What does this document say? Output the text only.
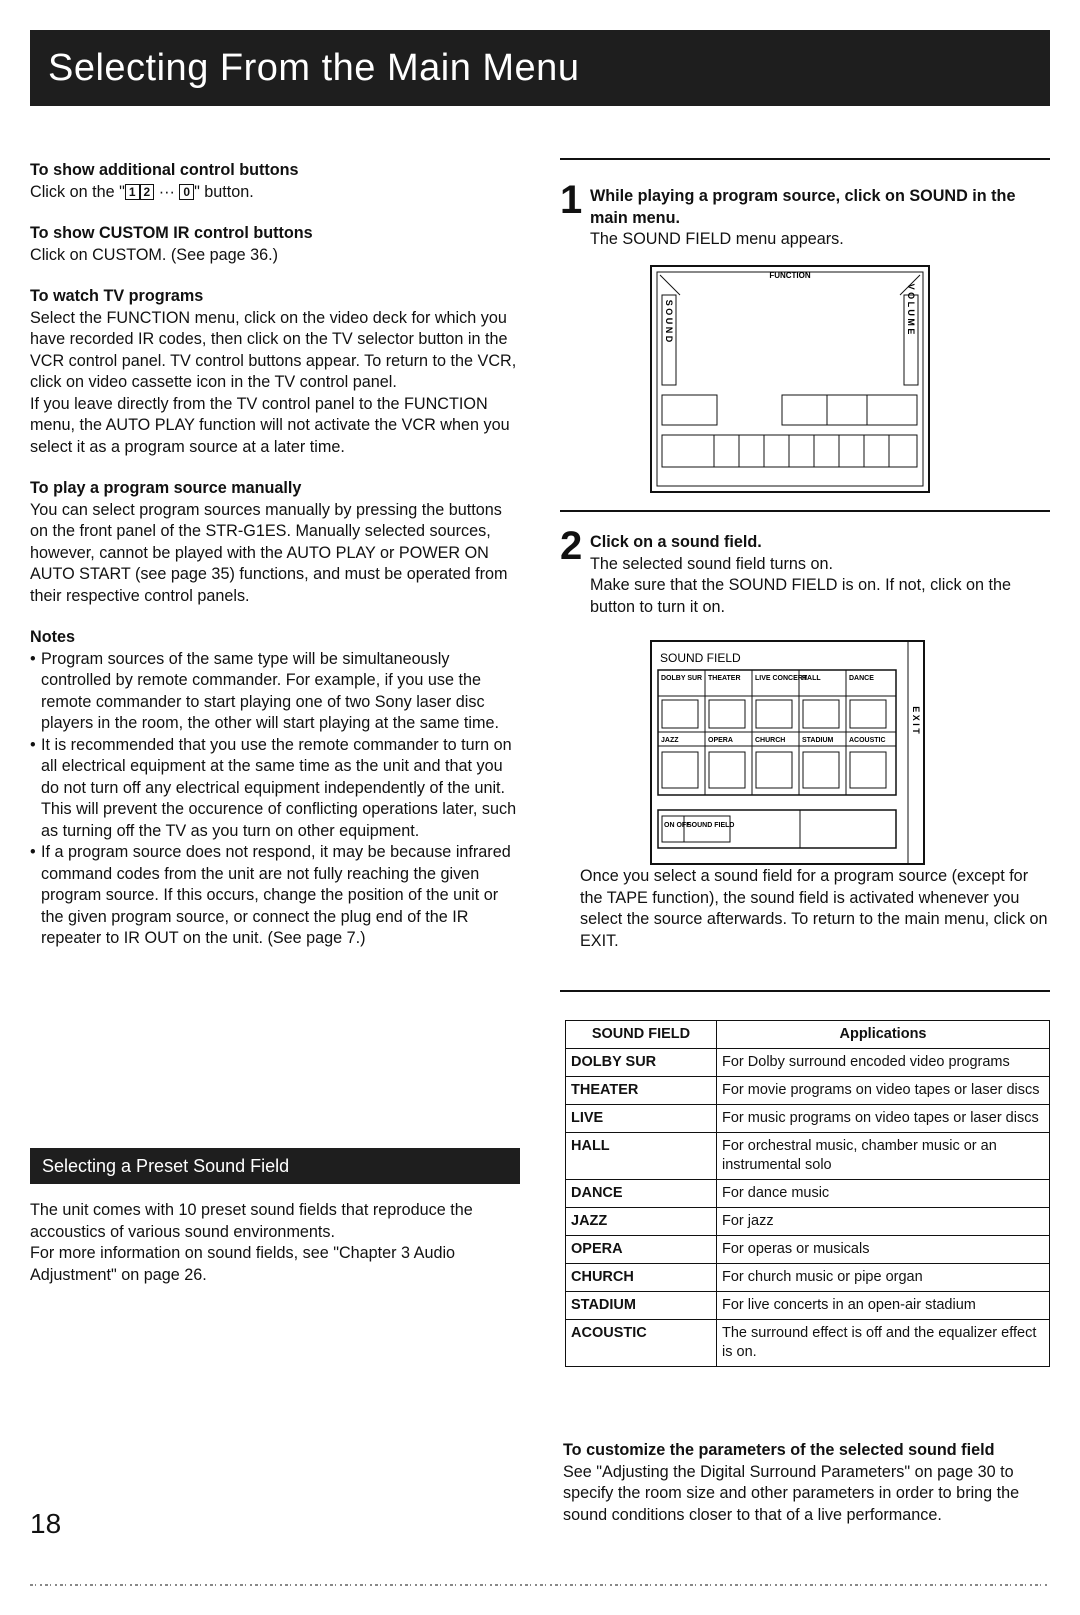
Selecting From the Main Menu

To show additional control buttons

Click on the " 1 2 ··· 0 " button.

To show CUSTOM IR control buttons

Click on CUSTOM. (See page 36.)

To watch TV programs

Select the FUNCTION menu, click on the video deck for which you have recorded IR codes, then click on the TV selector button in the VCR control panel. TV control buttons appear. To return to the VCR, click on video cassette icon in the TV control panel.

If you leave directly from the TV control panel to the FUNCTION menu, the AUTO PLAY function will not activate the VCR when you select it as a program source at a later time.

To play a program source manually

You can select program sources manually by pressing the buttons on the front panel of the STR-G1ES. Manually selected sources, however, cannot be played with the AUTO PLAY or POWER ON AUTO START (see page 35) functions, and must be operated from their respective control panels.

Notes

• Program sources of the same type will be simultaneously controlled by remote commander. For example, if you use the remote commander to start playing one of two Sony laser disc players in the room, the other will start playing at the same time.
• It is recommended that you use the remote commander to turn on all electrical equipment at the same time as the unit and that you do not turn off any electrical equipment independently of the unit. This will prevent the occurence of conflicting operations later, such as turning off the TV as you turn on other equipment.
• If a program source does not respond, it may be because infrared command codes from the unit are not fully reaching the given program source. If this occurs, change the position of the unit or the given program source, or connect the plug end of the IR repeater to IR OUT on the unit. (See page 7.)
Selecting a Preset Sound Field

The unit comes with 10 preset sound fields that reproduce the accoustics of various sound environments.

For more information on sound fields, see "Chapter 3 Audio Adjustment" on page 26.

18
1 While playing a program source, click on SOUND in the main menu.

The SOUND FIELD menu appears.

FUNCTION
S O U N D	V O L U M E
2 Click on a sound field.

The selected sound field turns on.

Make sure that the SOUND FIELD is on. If not, click on the button to turn it on.

E X I T
SOUND FIELD
DOLBY SUR THEATER LIVE CONCERT
HALL	DANCE
JAZZ	OPERA	CHURCH STADIUM ACOUSTIC
ON OFF
SOUND FIELD
Once you select a sound field for a program source (except for the TAPE function), the sound field is activated whenever you select the source afterwards. To return to the main menu, click on EXIT.
SOUND FIELD	Applications
DOLBY SUR	For Dolby surround encoded video programs
THEATER	For movie programs on video tapes or laser discs
LIVE	For music programs on video tapes or laser discs
HALL	For orchestral music, chamber music or an instrumental solo
DANCE	For dance music
JAZZ	For jazz
OPERA	For operas or musicals
CHURCH	For church music or pipe organ
STADIUM	For live concerts in an open-air stadium
ACOUSTIC	The surround effect is off and the equalizer effect is on.

To customize the parameters of the selected sound field

See "Adjusting the Digital Surround Parameters" on page 30 to specify the room size and other parameters in order to bring the sound conditions closer to that of a live performance.
